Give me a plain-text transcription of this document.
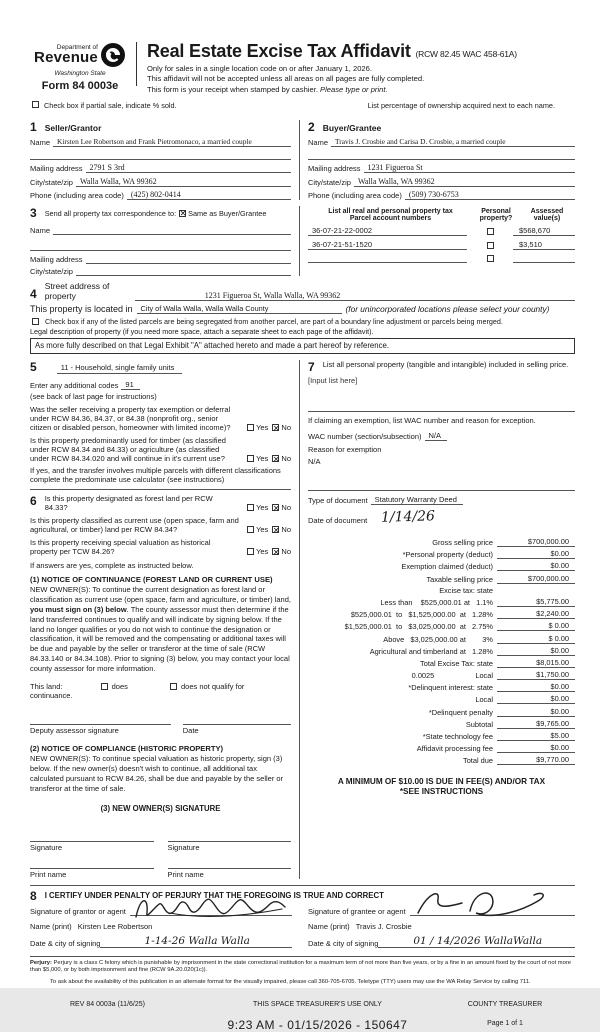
Department of
Revenue
Washington State
Form 84 0003e
Real Estate Excise Tax Affidavit (RCW 82.45 WAC 458-61A)
Only for sales in a single location code on or after January 1, 2026.
This affidavit will not be accepted unless all areas on all pages are fully completed.
This form is your receipt when stamped by cashier. Please type or print.
Check box if partial sale, indicate % sold.	List percentage of ownership acquired next to each name.
1 Seller/Grantor
Name Kirsten Lee Robertson and Frank Pietromonaco, a married couple
Mailing address 2791 S 3rd
City/state/zip Walla Walla, WA 99362
Phone (including area code) (425) 802-0414
2 Buyer/Grantee
Name Travis J. Crosbie and Carisa D. Crosbie, a married couple
Mailing address 1231 Figueroa St
City/state/zip Walla Walla, WA 99362
Phone (including area code) (509) 730-6753
3 Send all property tax correspondence to: ✕ Same as Buyer/Grantee
Name
Mailing address
City/state/zip
List all real and personal property tax
Parcel account numbers
Personal
property?
Assessed
value(s)
36-07-21-22-0002	$568,670
36-07-21-51-1520	$3,510
4
Street address of
property	1231 Figueroa St, Walla Walla, WA 99362
This property is located in	City of Walla Walla, Walla Walla County	(for unincorporated locations please select your county)
Check box if any of the listed parcels are being segregated from another parcel, are part of a boundary line adjustment or parcels being merged.
Legal description of property (if you need more space, attach a separate sheet to each page of the affidavit).
As more fully described on that Legal Exhibit "A" attached hereto and made a part hereof by reference.
5	11 - Household, single family units
Enter any additional codes 91
(see back of last page for instructions)
Was the seller receiving a property tax exemption or deferral under RCW 84.36, 84.37, or 84.38 (nonprofit org., senior citizen or disabled person, homeowner with limited income)?	Yes ✕ No
Is this property predominantly used for timber (as classified under RCW 84.34 and 84.33) or agriculture (as classified under RCW 84.34.020 and will continue in it's current use?	Yes ✕ No
If yes, and the transfer involves multiple parcels with different classifications complete the predominate use calculator (see instructions)
6 Is this property designated as forest land per RCW
84.33?	Yes ✕ No
Is this property classified as current use (open space, farm and agricultural, or timber) land per RCW 84.34?	Yes ✕ No
Is this property receiving special valuation as historical property per TCW 84.26?	Yes ✕ No
If answers are yes, complete as instructed below.
(1) NOTICE OF CONTINUANCE (FOREST LAND OR CURRENT USE)
NEW OWNER(S): To continue the current designation as forest land or classification as current use (open space, farm and agriculture, or timber) land, you must sign on (3) below. The county assessor must then determine if the land transferred continues to qualify and will indicate by signing below. If the land no longer qualifies or you do not wish to continue the designation or classification, it will be removed and the compensating or additional taxes will be due and payable by the seller or transferor at the time of sale (RCW 84.33.140 or 84.34.108). Prior to signing (3) below, you may contact your local county assessor for more information.
This land:
continuance.
does	does not qualify for
Deputy assessor signature	Date
(2) NOTICE OF COMPLIANCE (HISTORIC PROPERTY)
NEW OWNER(S): To continue special valuation as historic property, sign (3) below. If the new owner(s) doesn't wish to continue, all additional tax calculated pursuant to RCW 84.26, shall be due and payable by the seller or transferor at the time of sale.
(3) NEW OWNER(S) SIGNATURE
Signature	Signature
Print name	Print name
7 List all personal property (tangible and intangible) included in selling price.
[Input list here]
If claiming an exemption, list WAC number and reason for exception.
WAC number (section/subsection) N/A
Reason for exemption
N/A
Type of document Statutory Warranty Deed
Date of document 1/14/26
Gross selling price	$700,000.00
*Personal property (deduct)	$0.00
Exemption claimed (deduct)	$0.00
Taxable selling price	$700,000.00
Excise tax: state
Less than    $525,000.01 at   1.1%	$5,775.00
$525,000.01  to   $1,525,000.00  at   1.28%	$2,240.00
$1,525,000.01  to   $3,025,000.00  at   2.75%	$ 0.00
Above   $3,025,000.00 at        3%	$ 0.00
Agricultural and timberland at   1.28%	$0.00
Total Excise Tax: state	$8,015.00
0.0025                    Local	$1,750.00
*Delinquent interest: state	$0.00
Local	$0.00
*Delinquent penalty	$0.00
Subtotal	$9,765.00
*State technology fee	$5.00
Affidavit processing fee	$0.00
Total due	$9,770.00
A MINIMUM OF $10.00 IS DUE IN FEE(S) AND/OR TAX
*SEE INSTRUCTIONS
8 I CERTIFY UNDER PENALTY OF PERJURY THAT THE FOREGOING IS TRUE AND CORRECT
Signature of grantor or agent
Name (print) Kirsten Lee Robertson
Date & city of signing	1-14-26 Walla Walla
Signature of grantee or agent
Name (print) Travis J. Crosbie
Date & city of signing	01 / 14/2026 WallaWalla
Perjury: Perjury is a class C felony which is punishable by imprisonment in the state correctional institution for a maximum term of not more than five years, or by a fine in an amount fixed by the court of not more than $5,000, or by both imprisonment and fine (RCW 9A.20.020(1c)).
To ask about the availability of this publication in an alternate format for the visually impaired, please call 360-705-6705. Teletype (TTY) users may use the WA Relay Service by calling 711.
REV 84 0003a (11/6/25)	THIS SPACE TREASURER'S USE ONLY
9:23 AM - 01/15/2026 - 150647
COUNTY TREASURER
Page 1 of 1
